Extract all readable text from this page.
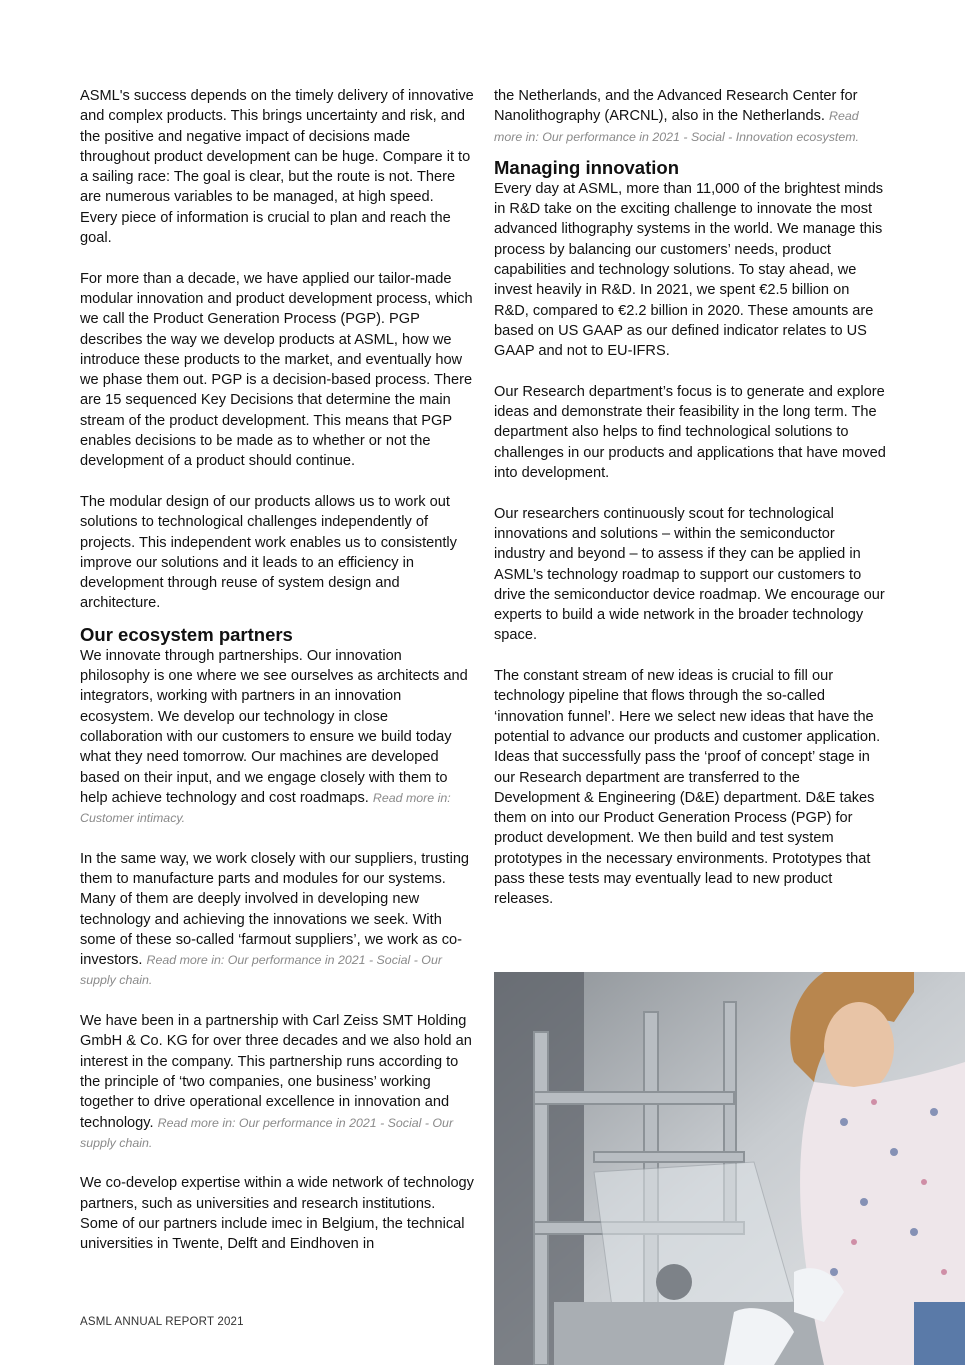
ASML's success depends on the timely delivery of innovative and complex products. This brings uncertainty and risk, and the positive and negative impact of decisions made throughout product development can be huge. Compare it to a sailing race: The goal is clear, but the route is not. There are numerous variables to be managed, at high speed. Every piece of information is crucial to plan and reach the goal.

For more than a decade, we have applied our tailor-made modular innovation and product development process, which we call the Product Generation Process (PGP). PGP describes the way we develop products at ASML, how we introduce these products to the market, and eventually how we phase them out. PGP is a decision-based process. There are 15 sequenced Key Decisions that determine the main stream of the product development. This means that PGP enables decisions to be made as to whether or not the development of a product should continue.

The modular design of our products allows us to work out solutions to technological challenges independently of projects. This independent work enables us to consistently improve our solutions and it leads to an efficiency in development through reuse of system design and architecture.

Our ecosystem partners

We innovate through partnerships. Our innovation philosophy is one where we see ourselves as architects and integrators, working with partners in an innovation ecosystem. We develop our technology in close collaboration with our customers to ensure we build today what they need tomorrow. Our machines are developed based on their input, and we engage closely with them to help achieve technology and cost roadmaps. Read more in: Customer intimacy.

In the same way, we work closely with our suppliers, trusting them to manufacture parts and modules for our systems. Many of them are deeply involved in developing new technology and achieving the innovations we seek. With some of these so-called ‘farmout suppliers’, we work as co-investors. Read more in: Our performance in 2021 - Social - Our supply chain.

We have been in a partnership with Carl Zeiss SMT Holding GmbH & Co. KG for over three decades and we also hold an interest in the company. This partnership runs according to the principle of ‘two companies, one business’ working together to drive operational excellence in innovation and technology. Read more in: Our performance in 2021 - Social - Our supply chain.

We co-develop expertise within a wide network of technology partners, such as universities and research institutions. Some of our partners include imec in Belgium, the technical universities in Twente, Delft and Eindhoven in

the Netherlands, and the Advanced Research Center for Nanolithography (ARCNL), also in the Netherlands. Read more in: Our performance in 2021 - Social - Innovation ecosystem.

Managing innovation

Every day at ASML, more than 11,000 of the brightest minds in R&D take on the exciting challenge to innovate the most advanced lithography systems in the world. We manage this process by balancing our customers’ needs, product capabilities and technology solutions. To stay ahead, we invest heavily in R&D. In 2021, we spent €2.5 billion on R&D, compared to €2.2 billion in 2020. These amounts are based on US GAAP as our defined indicator relates to US GAAP and not to EU-IFRS.

Our Research department’s focus is to generate and explore ideas and demonstrate their feasibility in the long term. The department also helps to find technological solutions to challenges in our products and applications that have moved into development.

Our researchers continuously scout for technological innovations and solutions – within the semiconductor industry and beyond – to assess if they can be applied in ASML’s technology roadmap to support our customers to drive the semiconductor device roadmap. We encourage our experts to build a wide network in the broader technology space.

The constant stream of new ideas is crucial to fill our technology pipeline that flows through the so-called ‘innovation funnel’. Here we select new ideas that have the potential to advance our products and customer application. Ideas that successfully pass the ‘proof of concept’ stage in our Research department are transferred to the Development & Engineering (D&E) department. D&E takes them on into our Product Generation Process (PGP) for product development. We then build and test system prototypes in the necessary environments. Prototypes that pass these tests may eventually lead to new product releases.

ASML ANNUAL REPORT 2021
